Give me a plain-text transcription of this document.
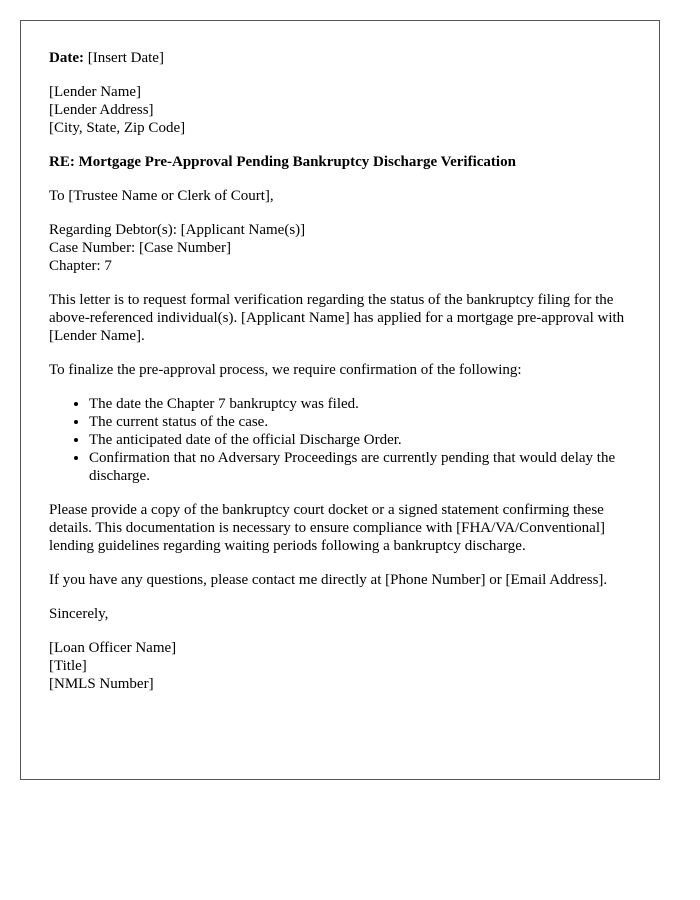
Date: [Insert Date]
[Lender Name]
[Lender Address]
[City, State, Zip Code]
RE: Mortgage Pre-Approval Pending Bankruptcy Discharge Verification
To [Trustee Name or Clerk of Court],
Regarding Debtor(s): [Applicant Name(s)]
Case Number: [Case Number]
Chapter: 7

This letter is to request formal verification regarding the status of the bankruptcy filing for the above-referenced individual(s). [Applicant Name] has applied for a mortgage pre-approval with [Lender Name].

To finalize the pre-approval process, we require confirmation of the following:

• The date the Chapter 7 bankruptcy was filed.
• The current status of the case.
• The anticipated date of the official Discharge Order.
• Confirmation that no Adversary Proceedings are currently pending that would delay the discharge.

Please provide a copy of the bankruptcy court docket or a signed statement confirming these details. This documentation is necessary to ensure compliance with [FHA/VA/Conventional] lending guidelines regarding waiting periods following a bankruptcy discharge.

If you have any questions, please contact me directly at [Phone Number] or [Email Address].

Sincerely,
[Loan Officer Name]
[Title]
[NMLS Number]
